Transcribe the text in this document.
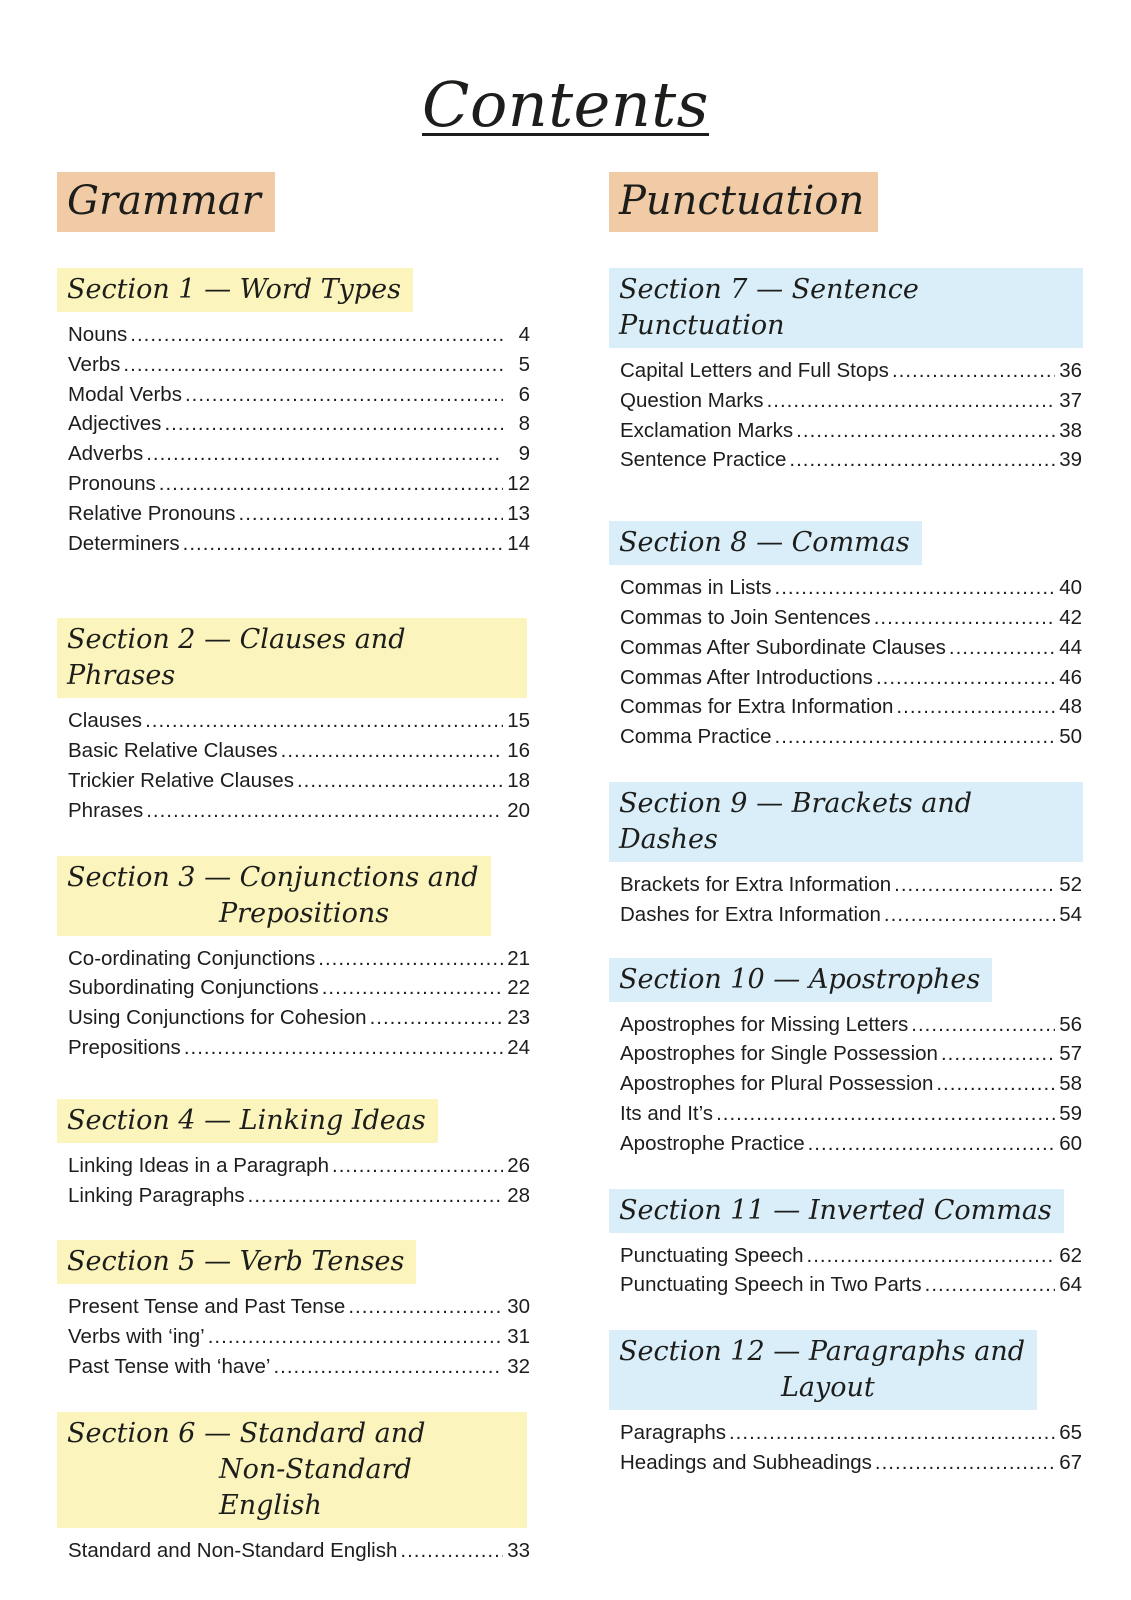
Contents
Grammar
Section 1 — Word Types
Nouns .....	4
Verbs .....	5
Modal Verbs .....	6
Adjectives .....	8
Adverbs .....	9
Pronouns .....	12
Relative Pronouns .....	13
Determiners .....	14
Section 2 — Clauses and Phrases
Clauses .....	15
Basic Relative Clauses .....	16
Trickier Relative Clauses .....	18
Phrases .....	20
Section 3 — Conjunctions and
Prepositions
Co-ordinating Conjunctions .....	21
Subordinating Conjunctions .....	22
Using Conjunctions for Cohesion .....	23
Prepositions .....	24
Section 4 — Linking Ideas
Linking Ideas in a Paragraph .....	26
Linking Paragraphs .....	28
Section 5 — Verb Tenses
Present Tense and Past Tense .....	30
Verbs with ‘ing’ .....	31
Past Tense with ‘have’ .....	32
Section 6 — Standard and
Non-Standard English
Standard and Non-Standard English .....	33
Punctuation
Section 7 — Sentence Punctuation
Capital Letters and Full Stops .....	36
Question Marks .....	37
Exclamation Marks .....	38
Sentence Practice .....	39
Section 8 — Commas
Commas in Lists .....	40
Commas to Join Sentences .....	42
Commas After Subordinate Clauses .....	44
Commas After Introductions .....	46
Commas for Extra Information .....	48
Comma Practice .....	50
Section 9 — Brackets and Dashes
Brackets for Extra Information .....	52
Dashes for Extra Information .....	54
Section 10 — Apostrophes
Apostrophes for Missing Letters .....	56
Apostrophes for Single Possession .....	57
Apostrophes for Plural Possession .....	58
Its and It’s .....	59
Apostrophe Practice .....	60
Section 11 — Inverted Commas
Punctuating Speech .....	62
Punctuating Speech in Two Parts .....	64
Section 12 — Paragraphs and
Layout
Paragraphs .....	65
Headings and Subheadings .....	67
